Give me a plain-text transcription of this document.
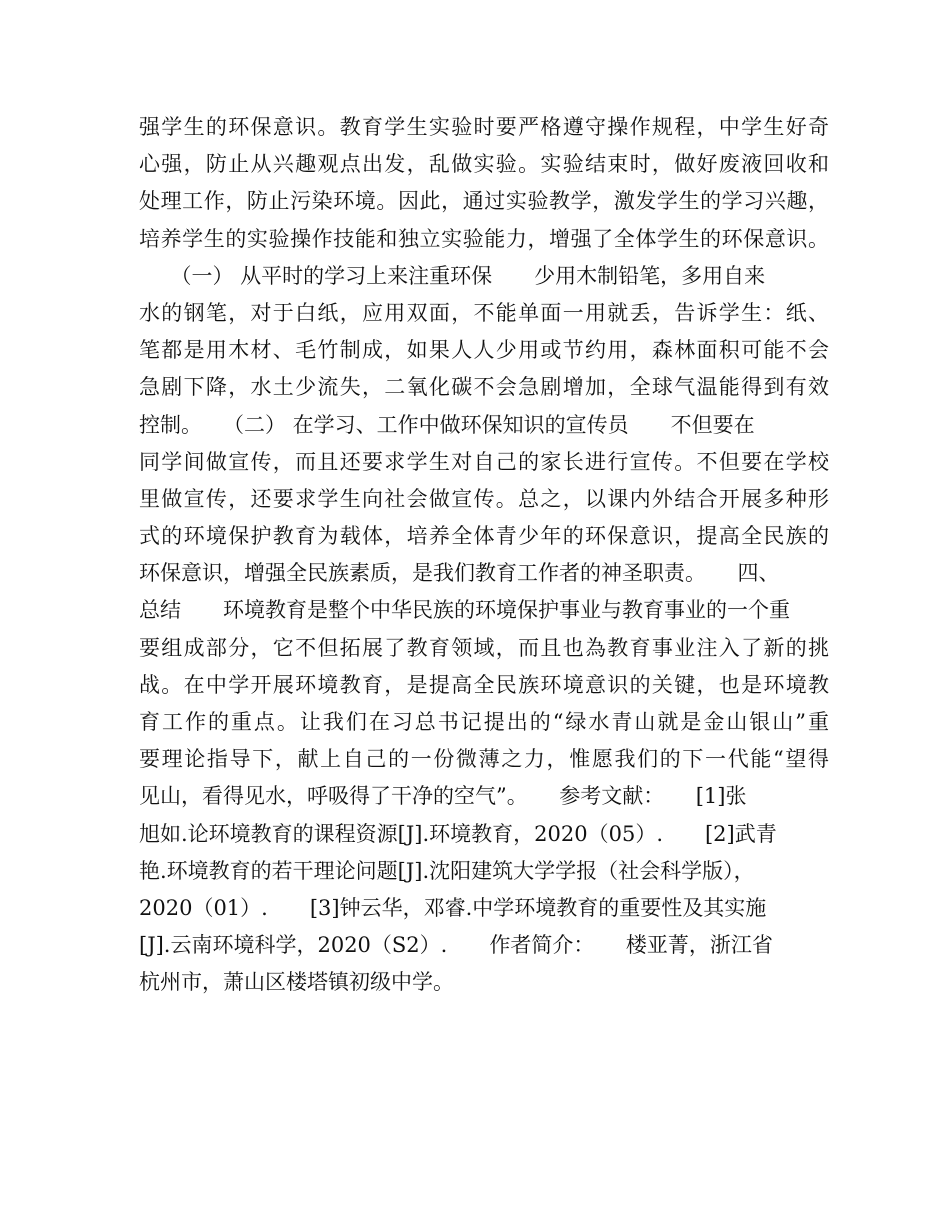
强学生的环保意识。教育学生实验时要严格遵守操作规程，中学生好奇
心强，防止从兴趣观点出发，乱做实验。实验结束时，做好废液回收和
处理工作，防止污染环境。因此，通过实验教学，激发学生的学习兴趣，
培养学生的实验操作技能和独立实验能力，增强了全体学生的环保意识。
　　（一） 从平时的学习上来注重环保　　少用木制铅笔，多用自来
水的钢笔，对于白纸，应用双面，不能单面一用就丢，告诉学生：纸、
笔都是用木材、毛竹制成，如果人人少用或节约用，森林面积可能不会
急剧下降，水土少流失，二氧化碳不会急剧增加，全球气温能得到有效
控制。　　（二） 在学习、工作中做环保知识的宣传员　　不但要在
同学间做宣传，而且还要求学生对自己的家长进行宣传。不但要在学校
里做宣传，还要求学生向社会做宣传。总之，以课内外结合开展多种形
式的环境保护教育为载体，培养全体青少年的环保意识，提高全民族的
环保意识，增强全民族素质，是我们教育工作者的神圣职责。　　四、
总结　　环境教育是整个中华民族的环境保护事业与教育事业的一个重
要组成部分，它不但拓展了教育领域，而且也為教育事业注入了新的挑
战。在中学开展环境教育，是提高全民族环境意识的关键，也是环境教
育工作的重点。让我们在习总书记提出的“绿水青山就是金山银山”重
要理论指导下，献上自己的一份微薄之力，惟愿我们的下一代能“望得
见山，看得见水，呼吸得了干净的空气”。　　参考文献：　　[1]张
旭如.论环境教育的课程资源[J].环境教育，2020（05）.　　[2]武青
艳.环境教育的若干理论问题[J].沈阳建筑大学学报（社会科学版），
2020（01）.　　[3]钟云华，邓睿.中学环境教育的重要性及其实施
[J].云南环境科学，2020（S2）.　　作者简介：　　楼亚菁，浙江省
杭州市，萧山区楼塔镇初级中学。
